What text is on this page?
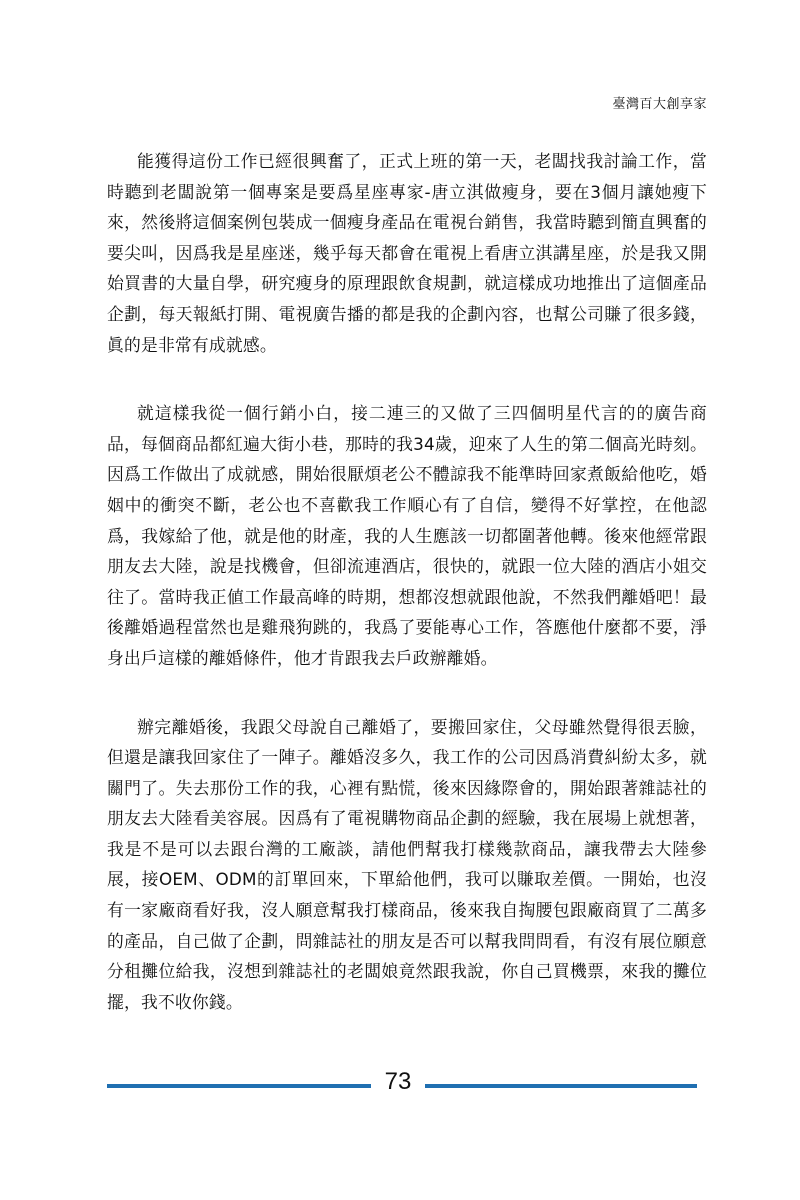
臺灣百大創享家

能獲得這份工作已經很興奮了，正式上班的第一天，老闆找我討論工作，當時聽到老闆說第一個專案是要爲星座專家-唐立淇做瘦身，要在3個月讓她瘦下來，然後將這個案例包裝成一個瘦身產品在電視台銷售，我當時聽到簡直興奮的要尖叫，因爲我是星座迷，幾乎每天都會在電視上看唐立淇講星座，於是我又開始買書的大量自學，研究瘦身的原理跟飲食規劃，就這樣成功地推出了這個產品企劃，每天報紙打開、電視廣告播的都是我的企劃內容，也幫公司賺了很多錢，眞的是非常有成就感。

就這樣我從一個行銷小白，接二連三的又做了三四個明星代言的的廣告商品，每個商品都紅遍大街小巷，那時的我34歲，迎來了人生的第二個高光時刻。因爲工作做出了成就感，開始很厭煩老公不體諒我不能準時回家煮飯給他吃，婚姻中的衝突不斷，老公也不喜歡我工作順心有了自信，變得不好掌控，在他認爲，我嫁給了他，就是他的財產，我的人生應該一切都圍著他轉。後來他經常跟朋友去大陸，說是找機會，但卻流連酒店，很快的，就跟一位大陸的酒店小姐交往了。當時我正値工作最高峰的時期，想都沒想就跟他說，不然我們離婚吧！最後離婚過程當然也是雞飛狗跳的，我爲了要能專心工作，答應他什麼都不要，淨身出戶這樣的離婚條件，他才肯跟我去戶政辦離婚。

辦完離婚後，我跟父母說自己離婚了，要搬回家住，父母雖然覺得很丟臉，但還是讓我回家住了一陣子。離婚沒多久，我工作的公司因爲消費糾紛太多，就關門了。失去那份工作的我，心裡有點慌，後來因緣際會的，開始跟著雜誌社的朋友去大陸看美容展。因爲有了電視購物商品企劃的經驗，我在展場上就想著，我是不是可以去跟台灣的工廠談，請他們幫我打樣幾款商品，讓我帶去大陸參展，接OEM、ODM的訂單回來，下單給他們，我可以賺取差價。一開始，也沒有一家廠商看好我，沒人願意幫我打樣商品，後來我自掏腰包跟廠商買了二萬多的產品，自己做了企劃，問雜誌社的朋友是否可以幫我問問看，有沒有展位願意分租攤位給我，沒想到雜誌社的老闆娘竟然跟我說，你自己買機票，來我的攤位擺，我不收你錢。

73
